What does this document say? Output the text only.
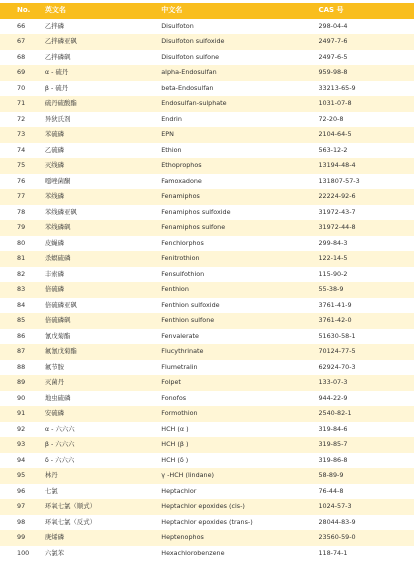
No.	英文名	中文名	CAS 号
66	乙拌磷	Disulfoton	298-04-4
67	乙拌磷亚砜	Disulfoton sulfoxide	2497-7-6
68	乙拌磷砜	Disulfoton sulfone	2497-6-5
69	α - 硫丹	alpha-Endosulfan	959-98-8
70	β - 硫丹	beta-Endosulfan	33213-65-9
71	硫丹硫酸酯	Endosulfan-sulphate	1031-07-8
72	异狄氏剂	Endrin	72-20-8
73	苯硫磷	EPN	2104-64-5
74	乙硫磷	Ethion	563-12-2
75	灭线磷	Ethoprophos	13194-48-4
76	噁唑菌酮	Famoxadone	131807-57-3
77	苯线磷	Fenamiphos	22224-92-6
78	苯线磷亚砜	Fenamiphos sulfoxide	31972-43-7
79	苯线磷砜	Fenamiphos sulfone	31972-44-8
80	皮蝇磷	Fenchlorphos	299-84-3
81	杀螟硫磷	Fenitrothion	122-14-5
82	丰索磷	Fensulfothion	115-90-2
83	倍硫磷	Fenthion	55-38-9
84	倍硫磷亚砜	Fenthion sulfoxide	3761-41-9
85	倍硫磷砜	Fenthion sulfone	3761-42-0
86	氰戊菊酯	Fenvalerate	51630-58-1
87	氟氰戊菊酯	Flucythrinate	70124-77-5
88	氟节胺	Flumetralin	62924-70-3
89	灭菌丹	Folpet	133-07-3
90	地虫硫磷	Fonofos	944-22-9
91	安硫磷	Formothion	2540-82-1
92	α - 六六六	HCH (α )	319-84-6
93	β - 六六六	HCH (β )	319-85-7
94	δ - 六六六	HCH (δ )	319-86-8
95	林丹	γ -HCH (lindane)	58-89-9
96	七氯	Heptachlor	76-44-8
97	环氧七氯（顺式）	Heptachlor epoxides (cis-)	1024-57-3
98	环氧七氯（反式）	Heptachlor epoxides (trans-)	28044-83-9
99	庚烯磷	Heptenophos	23560-59-0
100	六氯苯	Hexachlorobenzene	118-74-1
